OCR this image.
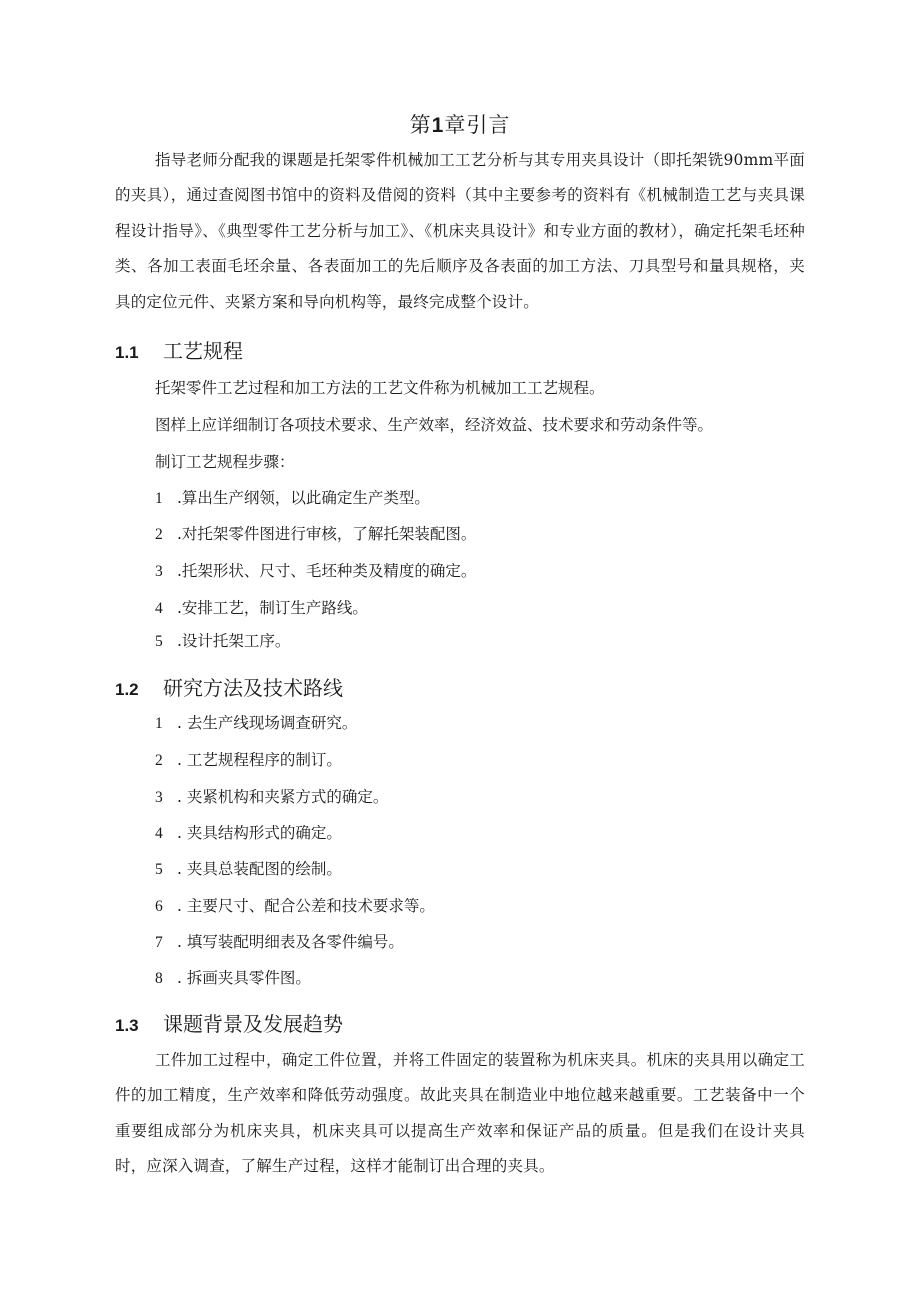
第1章引言

指导老师分配我的课题是托架零件机械加工工艺分析与其专用夹具设计（即托架铣90mm平面的夹具），通过查阅图书馆中的资料及借阅的资料（其中主要参考的资料有《机械制造工艺与夹具课程设计指导》、《典型零件工艺分析与加工》、《机床夹具设计》和专业方面的教材），确定托架毛坯种类、各加工表面毛坯余量、各表面加工的先后顺序及各表面的加工方法、刀具型号和量具规格，夹具的定位元件、夹紧方案和导向机构等，最终完成整个设计。

1.1 工艺规程

托架零件工艺过程和加工方法的工艺文件称为机械加工工艺规程。

图样上应详细制订各项技术要求、生产效率，经济效益、技术要求和劳动条件等。

制订工艺规程步骤：

1 .算出生产纲领，以此确定生产类型。
2 .对托架零件图进行审核，了解托架装配图。
3 .托架形状、尺寸、毛坯种类及精度的确定。
4 .安排工艺，制订生产路线。
5 .设计托架工序。
1.2 研究方法及技术路线
1 . 去生产线现场调查研究。
2 . 工艺规程程序的制订。
3 . 夹紧机构和夹紧方式的确定。
4 . 夹具结构形式的确定。
5 . 夹具总装配图的绘制。
6 . 主要尺寸、配合公差和技术要求等。
7 . 填写装配明细表及各零件编号。
8 . 拆画夹具零件图。
1.3 课题背景及发展趋势

工件加工过程中，确定工件位置，并将工件固定的装置称为机床夹具。机床的夹具用以确定工件的加工精度，生产效率和降低劳动强度。故此夹具在制造业中地位越来越重要。工艺装备中一个重要组成部分为机床夹具，机床夹具可以提高生产效率和保证产品的质量。但是我们在设计夹具时，应深入调查，了解生产过程，这样才能制订出合理的夹具。
